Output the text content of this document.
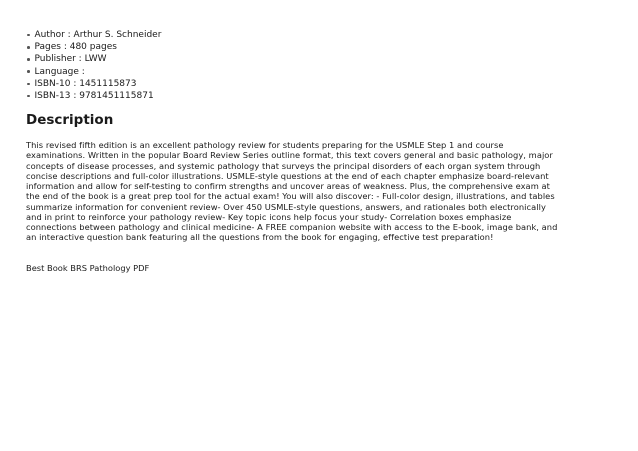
Author : Arthur S. Schneider
Pages : 480 pages
Publisher : LWW
Language :
ISBN-10 : 1451115873
ISBN-13 : 9781451115871
Description

This revised fifth edition is an excellent pathology review for students preparing for the USMLE Step 1 and course
examinations. Written in the popular Board Review Series outline format, this text covers general and basic pathology, major
concepts of disease processes, and systemic pathology that surveys the principal disorders of each organ system through
concise descriptions and full-color illustrations. USMLE-style questions at the end of each chapter emphasize board-relevant
information and allow for self-testing to confirm strengths and uncover areas of weakness. Plus, the comprehensive exam at
the end of the book is a great prep tool for the actual exam! You will also discover: - Full-color design, illustrations, and tables
summarize information for convenient review- Over 450 USMLE-style questions, answers, and rationales both electronically
and in print to reinforce your pathology review- Key topic icons help focus your study- Correlation boxes emphasize
connections between pathology and clinical medicine- A FREE companion website with access to the E-book, image bank, and
an interactive question bank featuring all the questions from the book for engaging, effective test preparation!

Best Book BRS Pathology PDF
